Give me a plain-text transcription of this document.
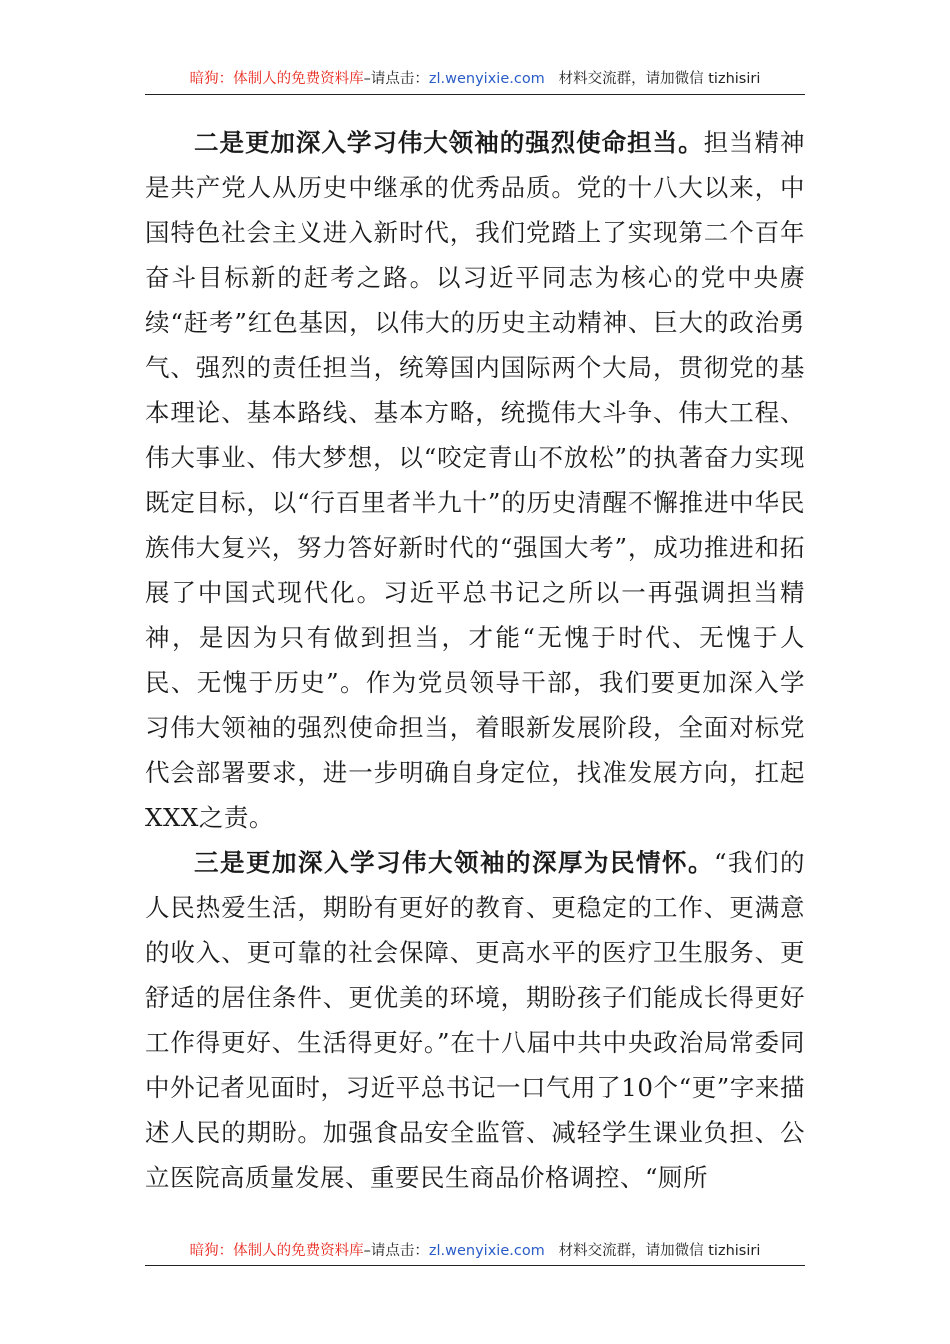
暗狗：体制人的免费资料库–请点击：zl.wenyixie.com 材料交流群，请加微信 tizhisiri

二是更加深入学习伟大领袖的强烈使命担当。担当精神是共产党人从历史中继承的优秀品质。党的十八大以来，中国特色社会主义进入新时代，我们党踏上了实现第二个百年奋斗目标新的赶考之路。以习近平同志为核心的党中央赓续“赶考”红色基因，以伟大的历史主动精神、巨大的政治勇气、强烈的责任担当，统筹国内国际两个大局，贯彻党的基本理论、基本路线、基本方略，统揽伟大斗争、伟大工程、伟大事业、伟大梦想，以“咬定青山不放松”的执著奋力实现既定目标，以“行百里者半九十”的历史清醒不懈推进中华民族伟大复兴，努力答好新时代的“强国大考”，成功推进和拓展了中国式现代化。习近平总书记之所以一再强调担当精神，是因为只有做到担当，才能“无愧于时代、无愧于人民、无愧于历史”。作为党员领导干部，我们要更加深入学习伟大领袖的强烈使命担当，着眼新发展阶段，全面对标党代会部署要求，进一步明确自身定位，找准发展方向，扛起XXX之责。

三是更加深入学习伟大领袖的深厚为民情怀。“我们的人民热爱生活，期盼有更好的教育、更稳定的工作、更满意的收入、更可靠的社会保障、更高水平的医疗卫生服务、更舒适的居住条件、更优美的环境，期盼孩子们能成长得更好工作得更好、生活得更好。”在十八届中共中央政治局常委同中外记者见面时，习近平总书记一口气用了10个“更”字来描述人民的期盼。加强食品安全监管、减轻学生课业负担、公立医院高质量发展、重要民生商品价格调控、“厕所

暗狗：体制人的免费资料库–请点击：zl.wenyixie.com 材料交流群，请加微信 tizhisiri
